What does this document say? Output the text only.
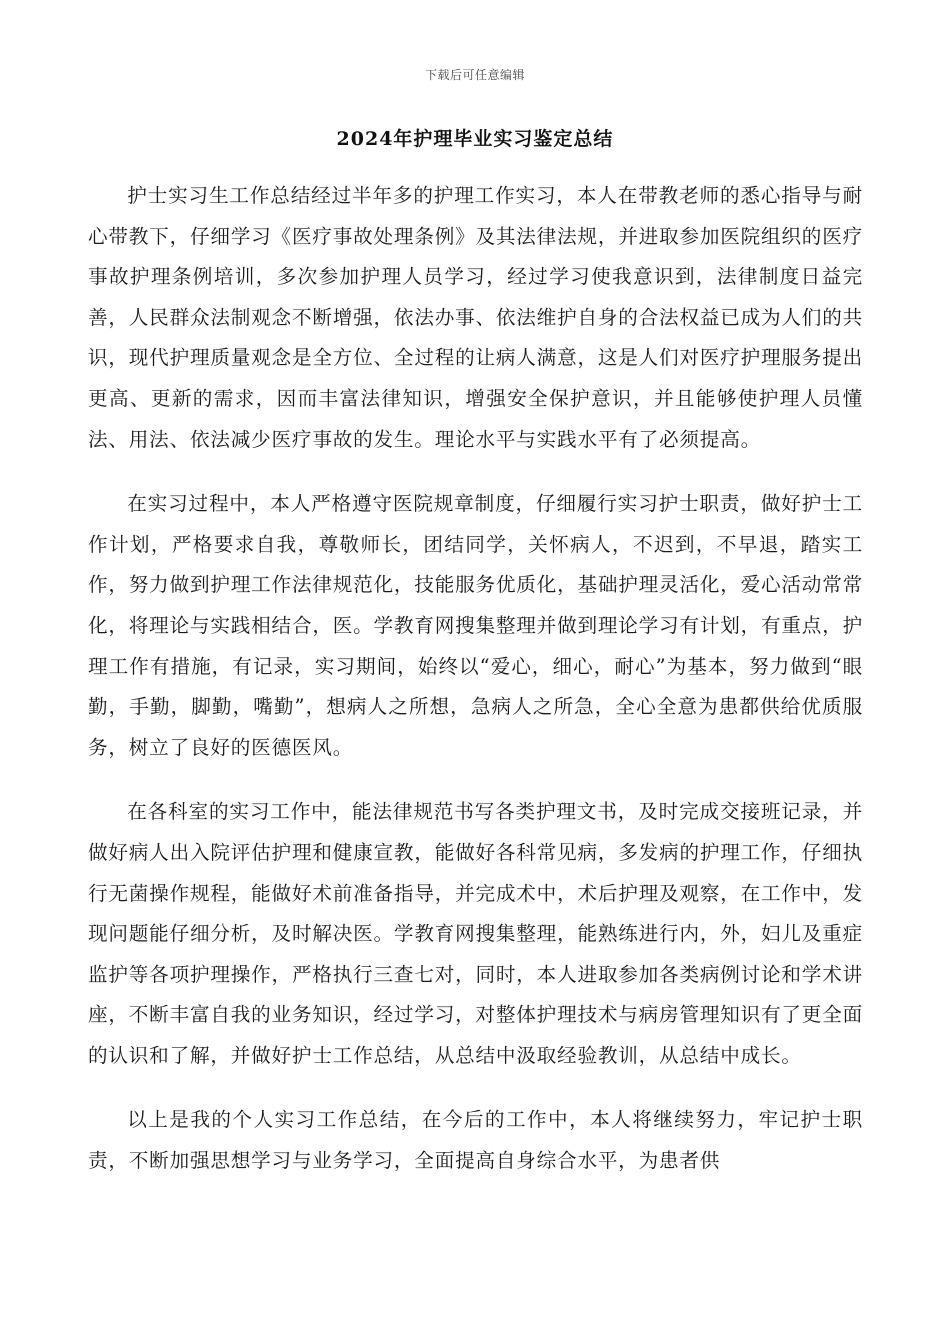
下载后可任意编辑
2024年护理毕业实习鉴定总结

护士实习生工作总结经过半年多的护理工作实习，本人在带教老师的悉心指导与耐心带教下，仔细学习《医疗事故处理条例》及其法律法规，并进取参加医院组织的医疗事故护理条例培训，多次参加护理人员学习，经过学习使我意识到，法律制度日益完善，人民群众法制观念不断增强，依法办事、依法维护自身的合法权益已成为人们的共识，现代护理质量观念是全方位、全过程的让病人满意，这是人们对医疗护理服务提出更高、更新的需求，因而丰富法律知识，增强安全保护意识，并且能够使护理人员懂法、用法、依法减少医疗事故的发生。理论水平与实践水平有了必须提高。

在实习过程中，本人严格遵守医院规章制度，仔细履行实习护士职责，做好护士工作计划，严格要求自我，尊敬师长，团结同学，关怀病人，不迟到，不早退，踏实工作，努力做到护理工作法律规范化，技能服务优质化，基础护理灵活化，爱心活动常常化，将理论与实践相结合，医。学教育网搜集整理并做到理论学习有计划，有重点，护理工作有措施，有记录，实习期间，始终以“爱心，细心，耐心”为基本，努力做到“眼勤，手勤，脚勤，嘴勤”，想病人之所想，急病人之所急，全心全意为患都供给优质服务，树立了良好的医德医风。

在各科室的实习工作中，能法律规范书写各类护理文书，及时完成交接班记录，并做好病人出入院评估护理和健康宣教，能做好各科常见病，多发病的护理工作，仔细执行无菌操作规程，能做好术前准备指导，并完成术中，术后护理及观察，在工作中，发现问题能仔细分析，及时解决医。学教育网搜集整理，能熟练进行内，外，妇儿及重症监护等各项护理操作，严格执行三查七对，同时，本人进取参加各类病例讨论和学术讲座，不断丰富自我的业务知识，经过学习，对整体护理技术与病房管理知识有了更全面的认识和了解，并做好护士工作总结，从总结中汲取经验教训，从总结中成长。

以上是我的个人实习工作总结，在今后的工作中，本人将继续努力，牢记护士职责，不断加强思想学习与业务学习，全面提高自身综合水平，为患者供
